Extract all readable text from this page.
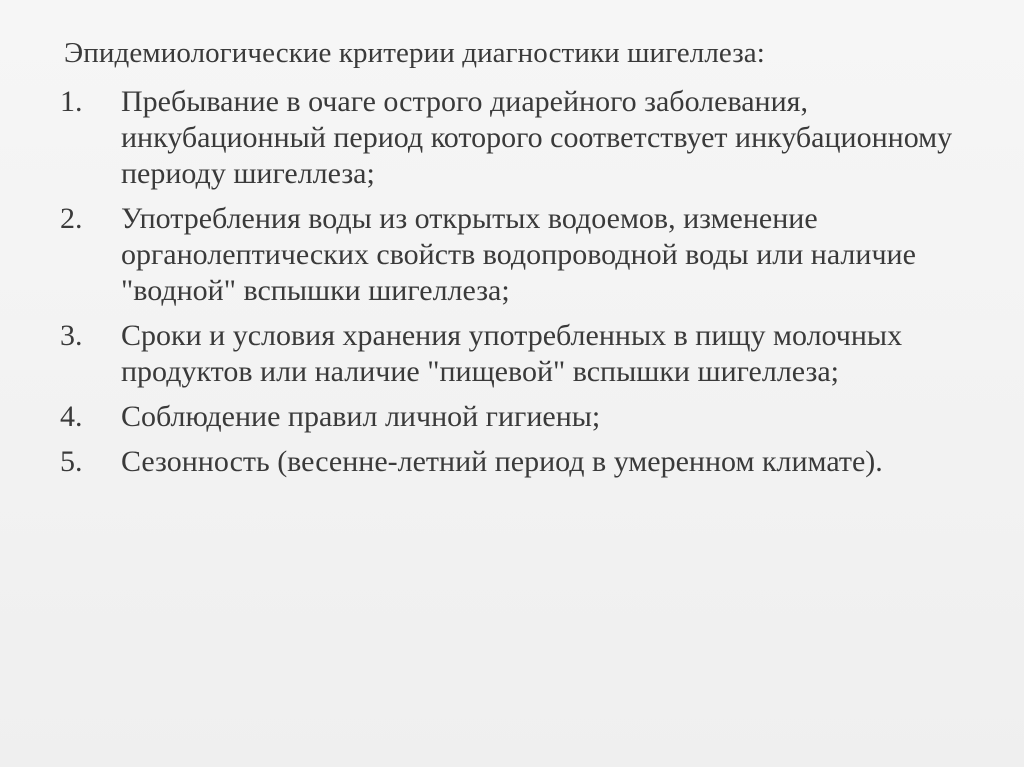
Эпидемиологические критерии диагностики шигеллеза:
1.	Пребывание в очаге острого диарейного заболевания, инкубационный период которого соответствует инкубационному периоду шигеллеза;
2.	Употребления воды из открытых водоемов, изменение органолептических свойств водопроводной воды или наличие "водной" вспышки шигеллеза;
3.	Сроки и условия хранения употребленных в пищу молочных продуктов или наличие "пищевой" вспышки шигеллеза;
4.	Соблюдение правил личной гигиены;
5.	Сезонность (весенне-летний период в умеренном климате).
